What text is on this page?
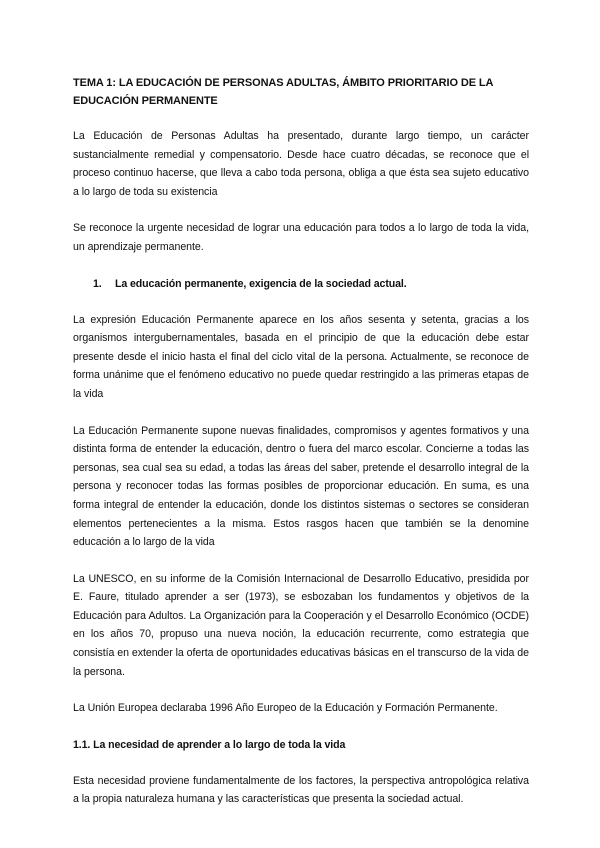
TEMA 1: LA EDUCACIÓN DE PERSONAS ADULTAS, ÁMBITO PRIORITARIO DE LA EDUCACIÓN PERMANENTE

La Educación de Personas Adultas ha presentado, durante largo tiempo, un carácter sustancialmente remedial y compensatorio. Desde hace cuatro décadas, se reconoce que el proceso continuo hacerse, que lleva a cabo toda persona, obliga a que ésta sea sujeto educativo a lo largo de toda su existencia

Se reconoce la urgente necesidad de lograr una educación para todos a lo largo de toda la vida, un aprendizaje permanente.

1.	La educación permanente, exigencia de la sociedad actual.

La expresión Educación Permanente aparece en los años sesenta y setenta, gracias a los organismos intergubernamentales, basada en el principio de que la educación debe estar presente desde el inicio hasta el final del ciclo vital de la persona. Actualmente, se reconoce de forma unánime que el fenómeno educativo no puede quedar restringido a las primeras etapas de la vida

La Educación Permanente supone nuevas finalidades, compromisos y agentes formativos y una distinta forma de entender la educación, dentro o fuera del marco escolar. Concierne a todas las personas, sea cual sea su edad, a todas las áreas del saber, pretende el desarrollo integral de la persona y reconocer todas las formas posibles de proporcionar educación. En suma, es una forma integral de entender la educación, donde los distintos sistemas o sectores se consideran elementos pertenecientes a la misma. Estos rasgos hacen que también se la denomine educación a lo largo de la vida

La UNESCO, en su informe de la Comisión Internacional de Desarrollo Educativo, presidida por E. Faure, titulado aprender a ser (1973), se esbozaban los fundamentos y objetivos de la Educación para Adultos. La Organización para la Cooperación y el Desarrollo Económico (OCDE) en los años 70, propuso una nueva noción, la educación recurrente, como estrategia que consistía en extender la oferta de oportunidades educativas básicas en el transcurso de la vida de la persona.

La Unión Europea declaraba 1996 Año Europeo de la Educación y Formación Permanente.

1.1. La necesidad de aprender a lo largo de toda la vida

Esta necesidad proviene fundamentalmente de los factores, la perspectiva antropológica relativa a la propia naturaleza humana y las características que presenta la sociedad actual.
